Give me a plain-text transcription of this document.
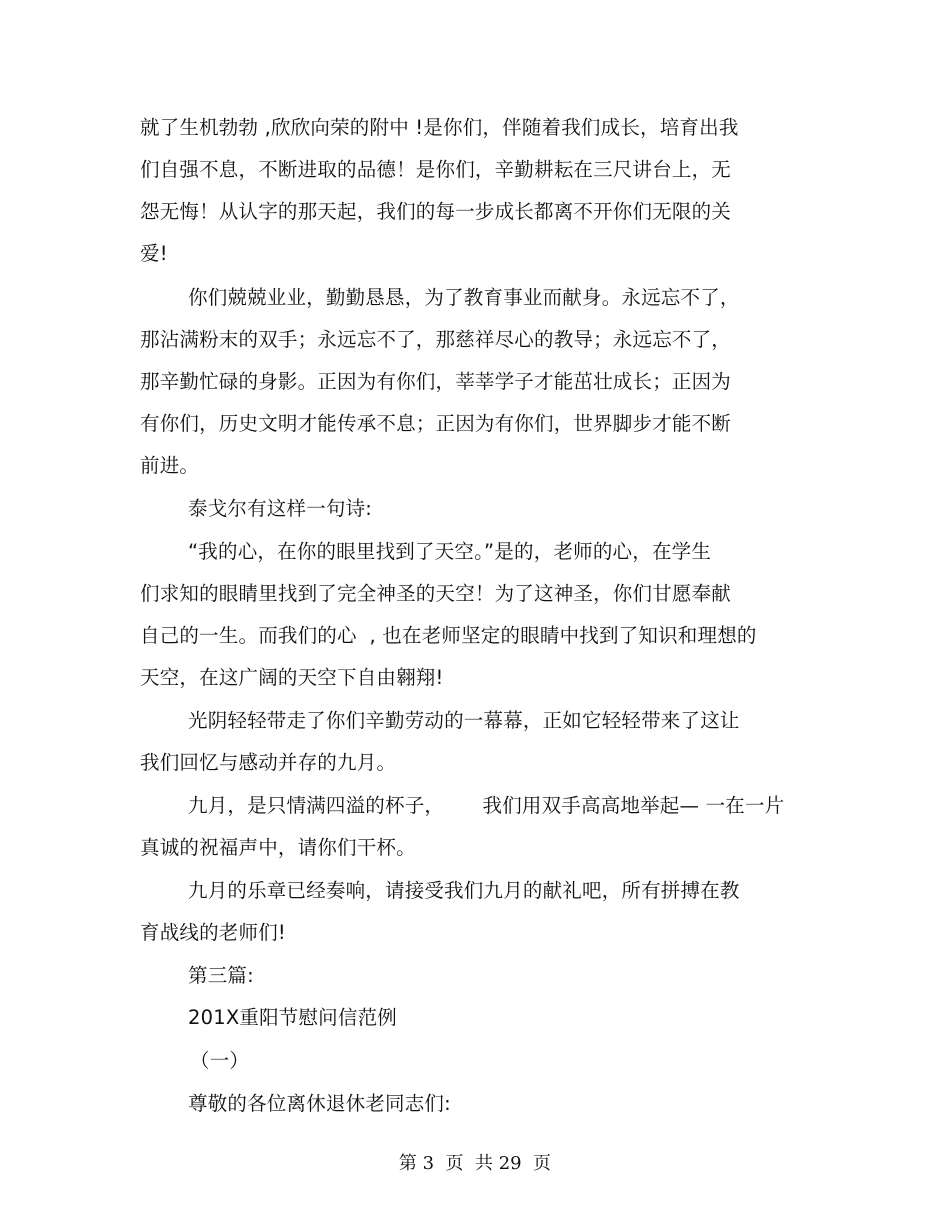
就了生机勃勃 ,欣欣向荣的附中 !是你们，伴随着我们成长，培育出我
们自强不息，不断进取的品德！是你们，辛勤耕耘在三尺讲台上，无
怨无悔！从认字的那天起，我们的每一步成长都离不开你们无限的关
爱!
你们兢兢业业，勤勤恳恳，为了教育事业而献身。永远忘不了，
那沾满粉末的双手；永远忘不了，那慈祥尽心的教导；永远忘不了，
那辛勤忙碌的身影。正因为有你们，莘莘学子才能茁壮成长；正因为
有你们，历史文明才能传承不息；正因为有你们，世界脚步才能不断
前进。
泰戈尔有这样一句诗:
“我的心，在你的眼里找到了天空。”是的，老师的心，在学生
们求知的眼睛里找到了完全神圣的天空！为了这神圣，你们甘愿奉献
自己的一生。而我们的心  , 也在老师坚定的眼睛中找到了知识和理想的
天空，在这广阔的天空下自由翱翔!
光阴轻轻带走了你们辛勤劳动的一幕幕，正如它轻轻带来了这让
我们回忆与感动并存的九月。
九月，是只情满四溢的杯子，      我们用双手高高地举起— 一在一片
真诚的祝福声中，请你们干杯。
九月的乐章已经奏响，请接受我们九月的献礼吧，所有拼搏在教
育战线的老师们!
第三篇:
201X重阳节慰问信范例
（一）
尊敬的各位离休退休老同志们:
第 3  页  共 29  页
